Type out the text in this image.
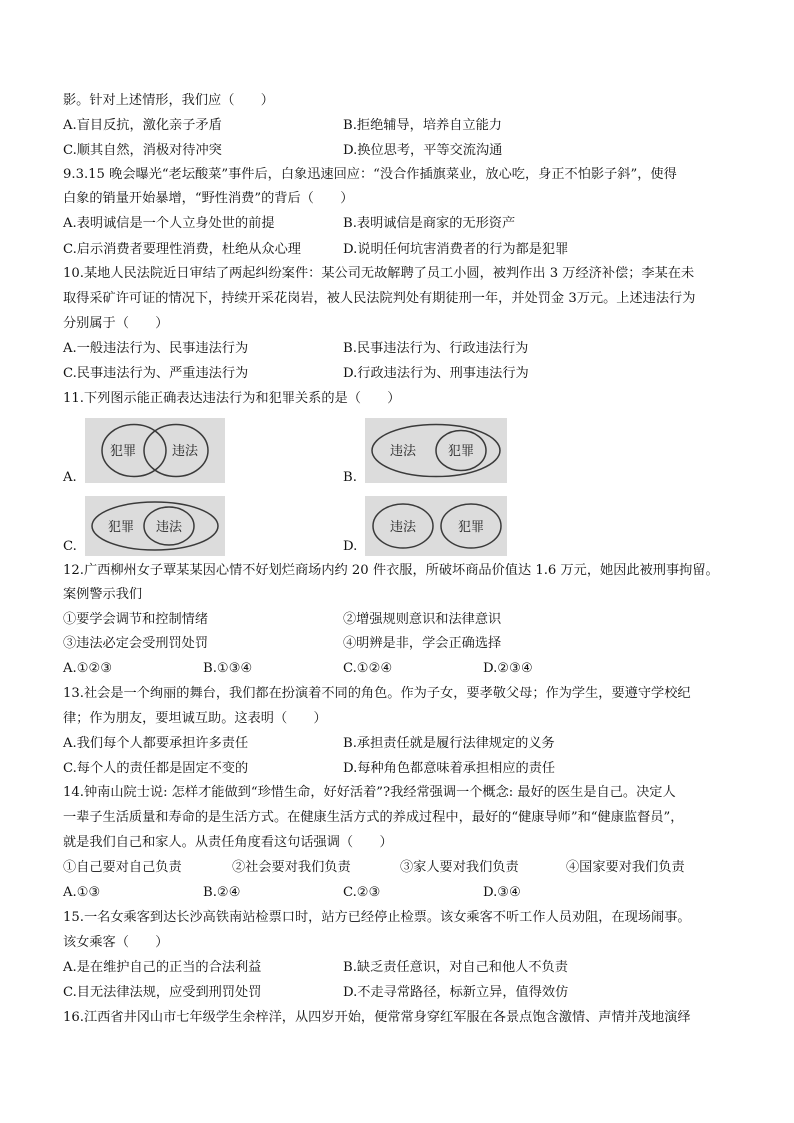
影。针对上述情形，我们应（　　）
A.盲目反抗，激化亲子矛盾	B.拒绝辅导，培养自立能力
C.顺其自然，消极对待冲突	D.换位思考，平等交流沟通
9.3.15 晚会曝光“老坛酸菜”事件后，白象迅速回应：“没合作插旗菜业，放心吃，身正不怕影子斜”，使得
白象的销量开始暴增，“野性消费”的背后（　　）
A.表明诚信是一个人立身处世的前提	B.表明诚信是商家的无形资产
C.启示消费者要理性消费，杜绝从众心理	D.说明任何坑害消费者的行为都是犯罪
10.某地人民法院近日审结了两起纠纷案件：某公司无故解聘了员工小圆，被判作出 3 万经济补偿；李某在未
取得采矿许可证的情况下，持续开采花岗岩，被人民法院判处有期徒刑一年，并处罚金 3万元。上述违法行为
分别属于（　　）
A.一般违法行为、民事违法行为	B.民事违法行为、行政违法行为
C.民事违法行为、严重违法行为	D.行政违法行为、刑事违法行为
11.下列图示能正确表达违法行为和犯罪关系的是（　　）
A.
犯罪	违法
B.
违法 犯罪
C.
犯罪 违法
D.
违法	犯罪
12.广西柳州女子覃某某因心情不好划烂商场内约 20 件衣服，所破坏商品价值达 1.6 万元，她因此被刑事拘留。
案例警示我们
①要学会调节和控制情绪	②增强规则意识和法律意识
③违法必定会受刑罚处罚	④明辨是非，学会正确选择
A.①②③	B.①③④	C.①②④	D.②③④
13.社会是一个绚丽的舞台，我们都在扮演着不同的角色。作为子女，要孝敬父母；作为学生，要遵守学校纪
律；作为朋友，要坦诚互助。这表明（　　）
A.我们每个人都要承担许多责任	B.承担责任就是履行法律规定的义务
C.每个人的责任都是固定不变的	D.每种角色都意味着承担相应的责任
14.钟南山院士说: 怎样才能做到“珍惜生命，好好活着”?我经常强调一个概念: 最好的医生是自己。决定人
一辈子生活质量和寿命的是生活方式。在健康生活方式的养成过程中，最好的“健康导师”和“健康监督员”，
就是我们自己和家人。从责任角度看这句话强调（　　）
①自己要对自己负责	②社会要对我们负责	③家人要对我们负责	④国家要对我们负责
A.①③	B.②④	C.②③	D.③④
15.一名女乘客到达长沙高铁南站检票口时，站方已经停止检票。该女乘客不听工作人员劝阻，在现场闹事。
该女乘客（　　）
A.是在维护自己的正当的合法利益	B.缺乏责任意识，对自己和他人不负责
C.目无法律法规，应受到刑罚处罚	D.不走寻常路径，标新立异，值得效仿
16.江西省井冈山市七年级学生余梓洋，从四岁开始，便常常身穿红军服在各景点饱含激情、声情并茂地演绎
